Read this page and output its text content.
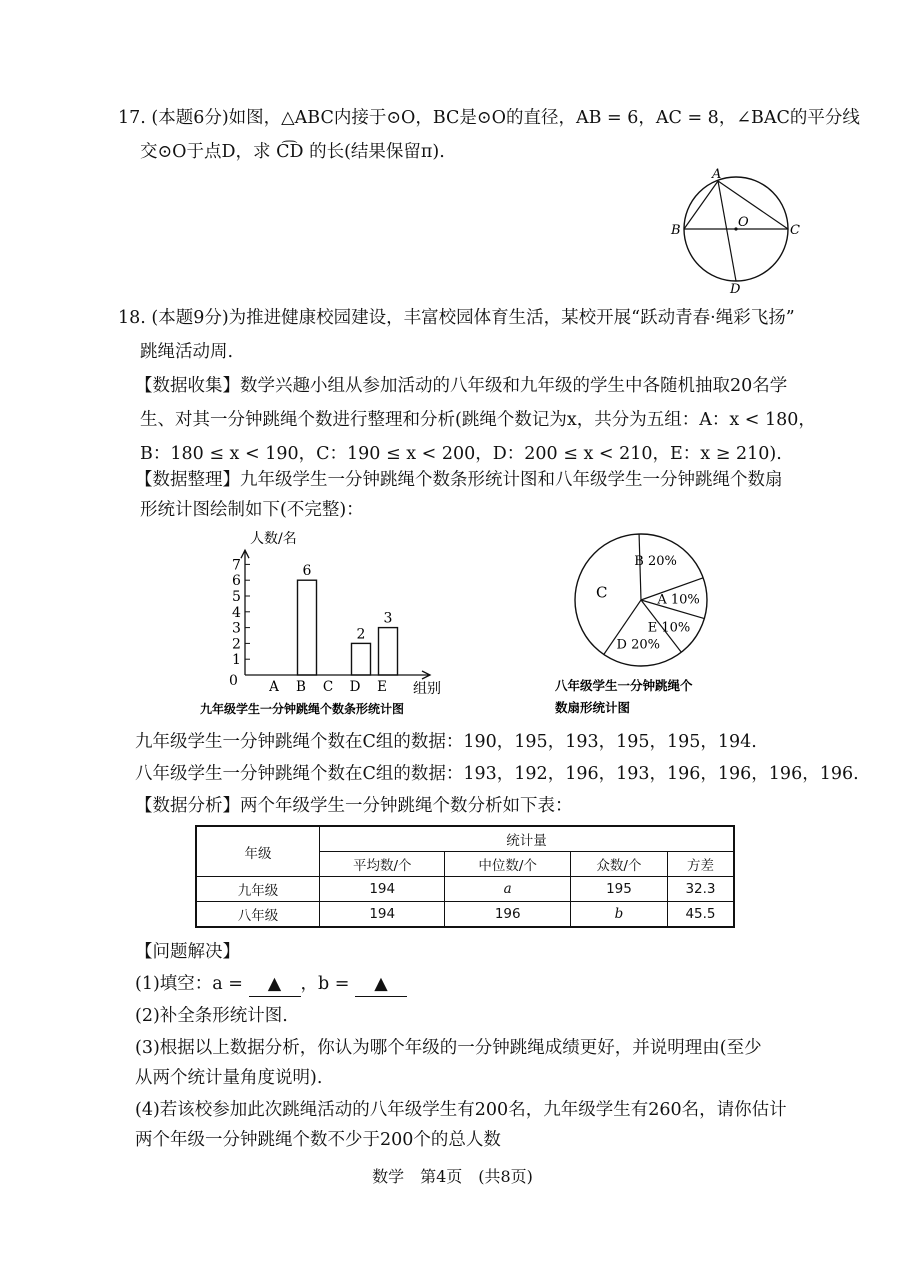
17. (本题6分)如图，△ABC内接于⊙O，BC是⊙O的直径，AB = 6，AC = 8，∠BAC的平分线
交⊙O于点D，求 C͡D 的长(结果保留π).
A
B
O
C
D
18. (本题9分)为推进健康校园建设，丰富校园体育生活，某校开展“跃动青春·绳彩飞扬”
跳绳活动周.
【数据收集】数学兴趣小组从参加活动的八年级和九年级的学生中各随机抽取20名学
生、对其一分钟跳绳个数进行整理和分析(跳绳个数记为x，共分为五组：A：x < 180，
B：180 ≤ x < 190，C：190 ≤ x < 200，D：200 ≤ x < 210，E：x ≥ 210).
【数据整理】九年级学生一分钟跳绳个数条形统计图和八年级学生一分钟跳绳个数扇
形统计图绘制如下(不完整)：
0
1
2
3
4
5
6
7
A B
6
C D
2
E
3
人数/名
组别
九年级学生一分钟跳绳个数条形统计图
B 20%
A 10%
E 10%
D 20%
C
八年级学生一分钟跳绳个
数扇形统计图
九年级学生一分钟跳绳个数在C组的数据：190，195，193，195，195，194.
八年级学生一分钟跳绳个数在C组的数据：193，192，196，193，196，196，196，196.
【数据分析】两个年级学生一分钟跳绳个数分析如下表：
年级	统计量			
	平均数/个	中位数/个	众数/个	方差
九年级	194	a	195	32.3
八年级	194	196	b	45.5
【问题解决】
(1)填空：a = ▲ ，b = ▲
(2)补全条形统计图.
(3)根据以上数据分析，你认为哪个年级的一分钟跳绳成绩更好，并说明理由(至少
从两个统计量角度说明).
(4)若该校参加此次跳绳活动的八年级学生有200名，九年级学生有260名，请你估计
两个年级一分钟跳绳个数不少于200个的总人数
数学　第4页　(共8页)
